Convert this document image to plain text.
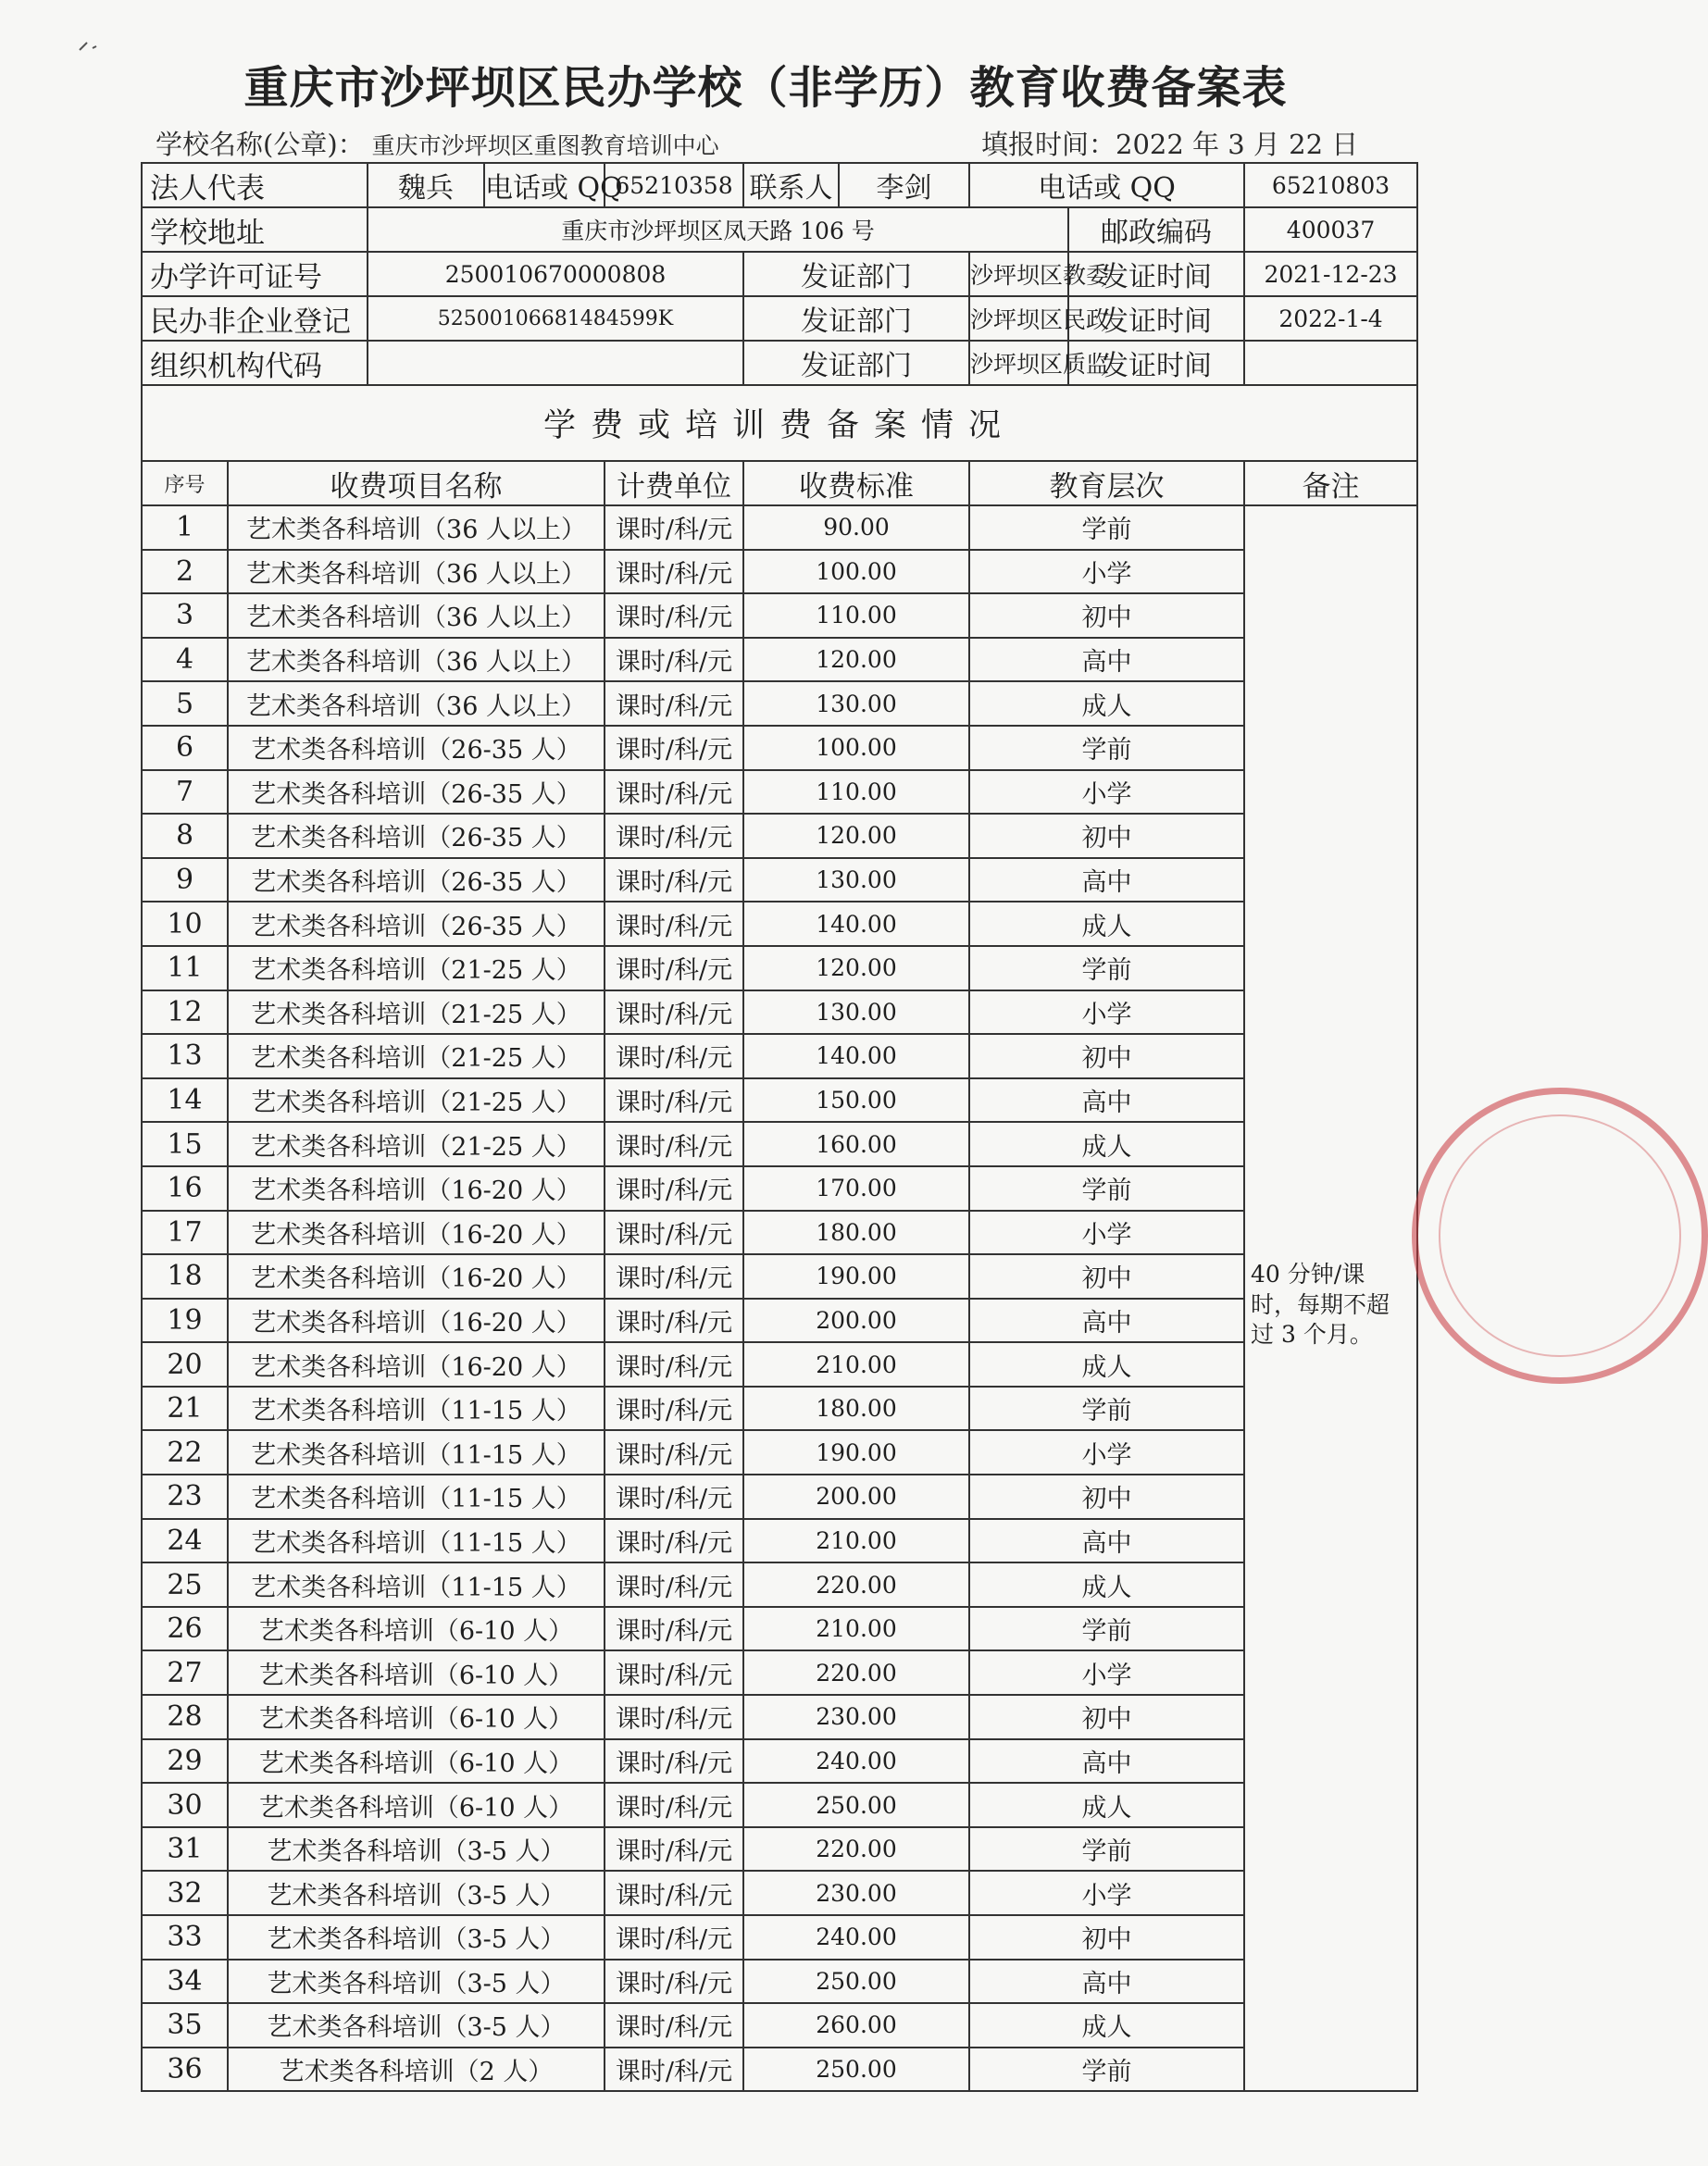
重庆市沙坪坝区民办学校（非学历）教育收费备案表
学校名称(公章)： 重庆市沙坪坝区重图教育培训中心	填报时间：2022 年 3 月 22 日
法人代表		魏兵	电话或 QQ	65210358	联系人	李剑	电话或 QQ		65210803
学校地址		重庆市沙坪坝区凤天路 106 号						邮政编码	400037
办学许可证号		250010670000808			发证部门		沙坪坝区教委	发证时间	2021-12-23
民办非企业登记		52500106681484599K			发证部门		沙坪坝区民政	发证时间	2022-1-4
组织机构代码					发证部门		沙坪坝区质监	发证时间	
学费或培训费备案情况									
序号	收费项目名称			计费单位	收费标准		教育层次		备注
1	艺术类各科培训（36 人以上）			课时/科/元	90.00		学前		40 分钟/课时，每期不超过 3 个月。

2	艺术类各科培训（36 人以上）			课时/科/元	100.00		小学		
3	艺术类各科培训（36 人以上）			课时/科/元	110.00		初中		
4	艺术类各科培训（36 人以上）			课时/科/元	120.00		高中		
5	艺术类各科培训（36 人以上）			课时/科/元	130.00		成人		
6	艺术类各科培训（26-35 人）			课时/科/元	100.00		学前		
7	艺术类各科培训（26-35 人）			课时/科/元	110.00		小学		
8	艺术类各科培训（26-35 人）			课时/科/元	120.00		初中		
9	艺术类各科培训（26-35 人）			课时/科/元	130.00		高中		
10	艺术类各科培训（26-35 人）			课时/科/元	140.00		成人		
11	艺术类各科培训（21-25 人）			课时/科/元	120.00		学前		
12	艺术类各科培训（21-25 人）			课时/科/元	130.00		小学		
13	艺术类各科培训（21-25 人）			课时/科/元	140.00		初中		
14	艺术类各科培训（21-25 人）			课时/科/元	150.00		高中		
15	艺术类各科培训（21-25 人）			课时/科/元	160.00		成人		
16	艺术类各科培训（16-20 人）			课时/科/元	170.00		学前		
17	艺术类各科培训（16-20 人）			课时/科/元	180.00		小学		
18	艺术类各科培训（16-20 人）			课时/科/元	190.00		初中		
19	艺术类各科培训（16-20 人）			课时/科/元	200.00		高中		
20	艺术类各科培训（16-20 人）			课时/科/元	210.00		成人		
21	艺术类各科培训（11-15 人）			课时/科/元	180.00		学前		
22	艺术类各科培训（11-15 人）			课时/科/元	190.00		小学		
23	艺术类各科培训（11-15 人）			课时/科/元	200.00		初中		
24	艺术类各科培训（11-15 人）			课时/科/元	210.00		高中		
25	艺术类各科培训（11-15 人）			课时/科/元	220.00		成人		
26	艺术类各科培训（6-10 人）			课时/科/元	210.00		学前		
27	艺术类各科培训（6-10 人）			课时/科/元	220.00		小学		
28	艺术类各科培训（6-10 人）			课时/科/元	230.00		初中		
29	艺术类各科培训（6-10 人）			课时/科/元	240.00		高中		
30	艺术类各科培训（6-10 人）			课时/科/元	250.00		成人		
31	艺术类各科培训（3-5 人）			课时/科/元	220.00		学前		
32	艺术类各科培训（3-5 人）			课时/科/元	230.00		小学		
33	艺术类各科培训（3-5 人）			课时/科/元	240.00		初中		
34	艺术类各科培训（3-5 人）			课时/科/元	250.00		高中		
35	艺术类各科培训（3-5 人）			课时/科/元	260.00		成人		
36	艺术类各科培训（2 人）			课时/科/元	250.00		学前		
